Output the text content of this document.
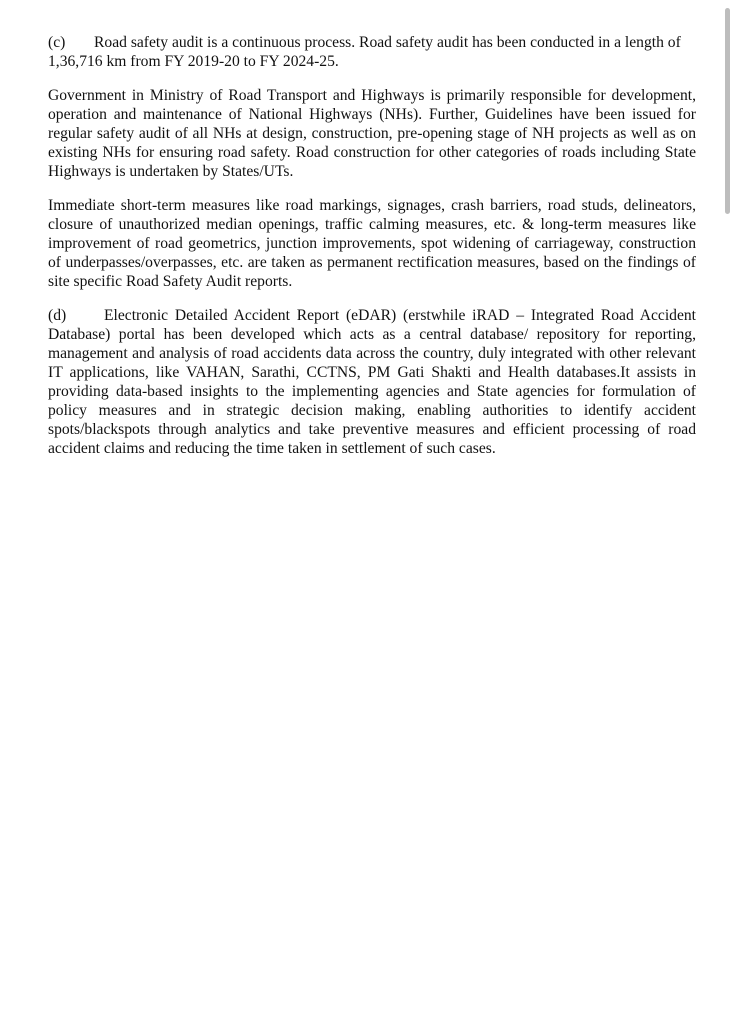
(c) Road safety audit is a continuous process. Road safety audit has been conducted in a length of 1,36,716 km from FY 2019-20 to FY 2024-25.

Government in Ministry of Road Transport and Highways is primarily responsible for development, operation and maintenance of National Highways (NHs). Further, Guidelines have been issued for regular safety audit of all NHs at design, construction, pre-opening stage of NH projects as well as on existing NHs for ensuring road safety. Road construction for other categories of roads including State Highways is undertaken by States/UTs.

Immediate short-term measures like road markings, signages, crash barriers, road studs, delineators, closure of unauthorized median openings, traffic calming measures, etc. & long-term measures like improvement of road geometrics, junction improvements, spot widening of carriageway, construction of underpasses/overpasses, etc. are taken as permanent rectification measures, based on the findings of site specific Road Safety Audit reports.

(d) Electronic Detailed Accident Report (eDAR) (erstwhile iRAD – Integrated Road Accident Database) portal has been developed which acts as a central database/ repository for reporting, management and analysis of road accidents data across the country, duly integrated with other relevant IT applications, like VAHAN, Sarathi, CCTNS, PM Gati Shakti and Health databases.It assists in providing data-based insights to the implementing agencies and State agencies for formulation of policy measures and in strategic decision making, enabling authorities to identify accident spots/blackspots through analytics and take preventive measures and efficient processing of road accident claims and reducing the time taken in settlement of such cases.
